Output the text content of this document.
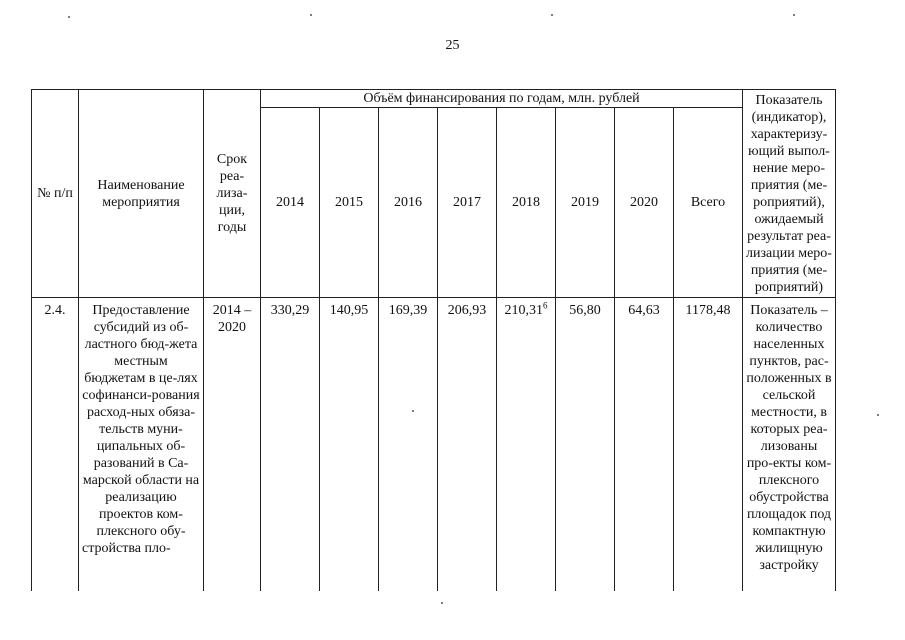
25
№ п/п	Наименование мероприятия	Срок реа-лиза-ции, годы	Объём финансирования по годам, млн. рублей								Показатель (индикатор), характеризу-ющий выпол-нение меро-приятия (ме-роприятий), ожидаемый результат реа-лизации меро-приятия (ме-роприятий)
			2014	2015	2016	2017	2018	2019	2020	Всего	
2.4.	Предоставление субсидий из об-ластного бюд-жета местным бюджетам в це-лях софинанси-рования расход-ных обяза-тельств муни-ципальных об-разований в Са-марской области на реализацию проектов ком-плексного обу-стройства пло-	2014 – 2020	330,29	140,95	169,39	206,93	210,31$^6$	56,80	64,63	1178,48	Показатель – количество населенных пунктов, рас-положенных в сельской местности, в которых реа-лизованы про-екты ком-плексного обустройства площадок под компактную жилищную застройку
